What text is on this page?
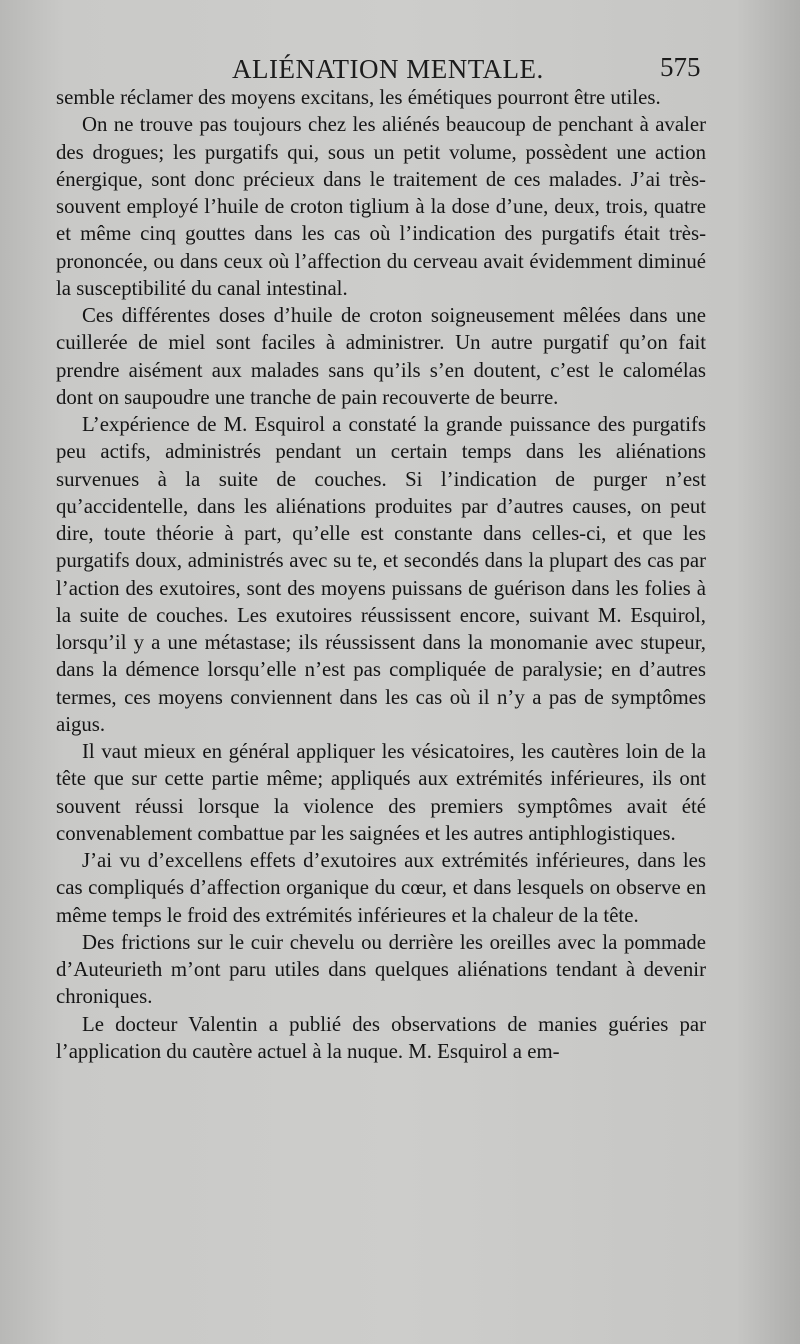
ALIÉNATION MENTALE.	575

semble réclamer des moyens excitans, les émétiques pourront être utiles.

On ne trouve pas toujours chez les aliénés beaucoup de penchant à avaler des drogues; les purgatifs qui, sous un petit volume, possèdent une action énergique, sont donc précieux dans le traitement de ces malades. J’ai très-souvent employé l’huile de croton tiglium à la dose d’une, deux, trois, quatre et même cinq gouttes dans les cas où l’indication des purgatifs était très-prononcée, ou dans ceux où l’affection du cerveau avait évidemment diminué la susceptibilité du canal intestinal.

Ces différentes doses d’huile de croton soigneusement mêlées dans une cuillerée de miel sont faciles à administrer. Un autre purgatif qu’on fait prendre aisément aux malades sans qu’ils s’en doutent, c’est le calomélas dont on saupoudre une tranche de pain recouverte de beurre.

L’expérience de M. Esquirol a constaté la grande puissance des purgatifs peu actifs, administrés pendant un certain temps dans les aliénations survenues à la suite de couches. Si l’indication de purger n’est qu’accidentelle, dans les aliénations produites par d’autres causes, on peut dire, toute théorie à part, qu’elle est constante dans celles-ci, et que les purgatifs doux, administrés avec su te, et secondés dans la plupart des cas par l’action des exutoires, sont des moyens puissans de guérison dans les folies à la suite de couches. Les exutoires réussissent encore, suivant M. Esquirol, lorsqu’il y a une métastase; ils réussissent dans la monomanie avec stupeur, dans la démence lorsqu’elle n’est pas compliquée de paralysie; en d’autres termes, ces moyens conviennent dans les cas où il n’y a pas de symptômes aigus.

Il vaut mieux en général appliquer les vésicatoires, les cautères loin de la tête que sur cette partie même; appliqués aux extrémités inférieures, ils ont souvent réussi lorsque la violence des premiers symptômes avait été convenablement combattue par les saignées et les autres antiphlogistiques.

J’ai vu d’excellens effets d’exutoires aux extrémités inférieures, dans les cas compliqués d’affection organique du cœur, et dans lesquels on observe en même temps le froid des extrémités inférieures et la chaleur de la tête.

Des frictions sur le cuir chevelu ou derrière les oreilles avec la pommade d’Auteurieth m’ont paru utiles dans quelques aliénations tendant à devenir chroniques.

Le docteur Valentin a publié des observations de manies guéries par l’application du cautère actuel à la nuque. M. Esquirol a em-
